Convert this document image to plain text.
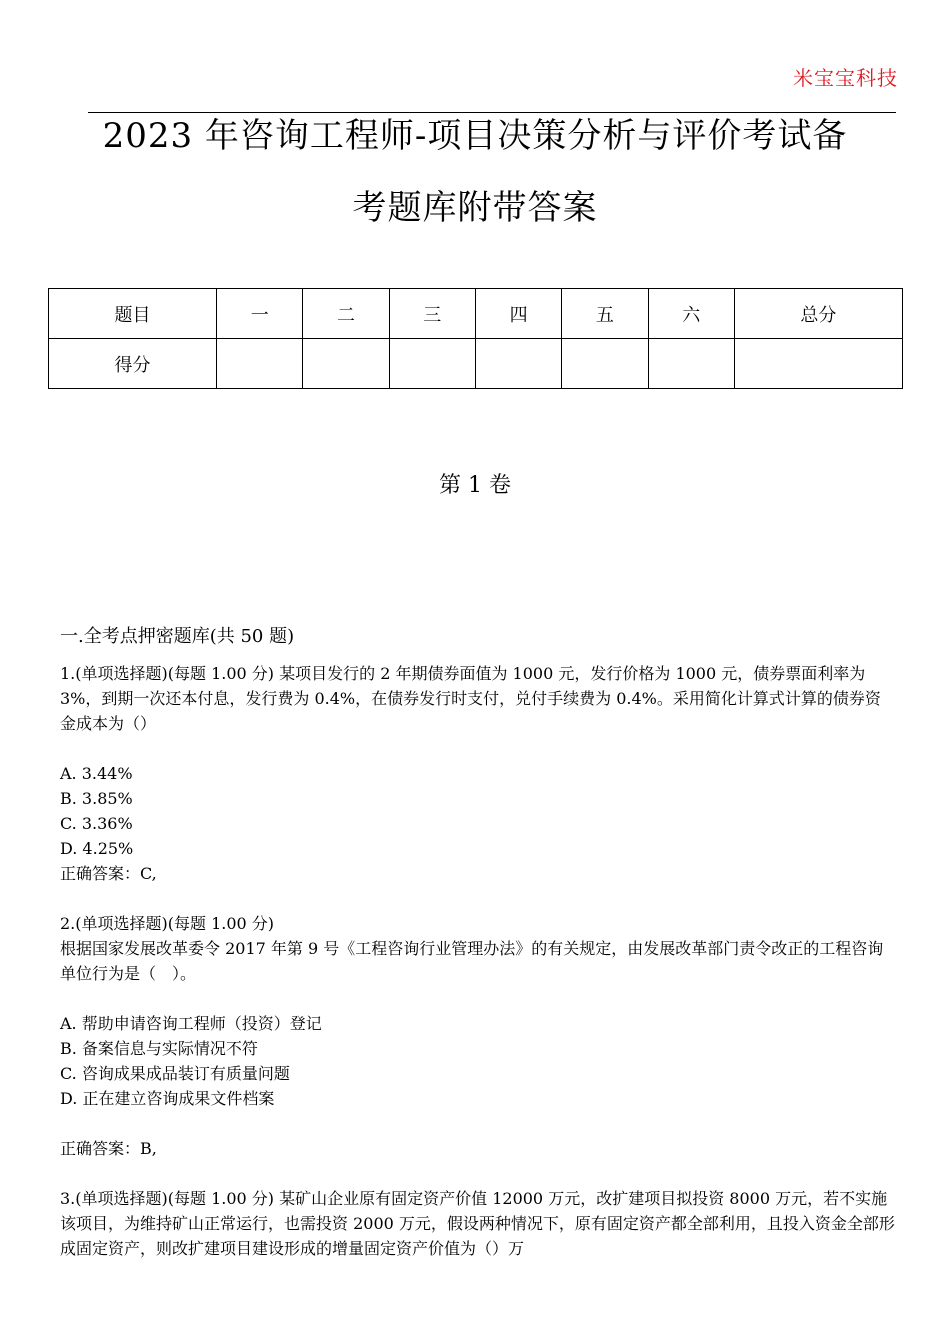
米宝宝科技
2023 年咨询工程师-项目决策分析与评价考试备
考题库附带答案
题目	一	二	三	四	五	六	总分
得分							
第 1 卷
一.全考点押密题库(共 50 题)

1.(单项选择题)(每题 1.00 分) 某项目发行的 2 年期债券面值为 1000 元，发行价格为 1000 元，债券票面利率为 3%，到期一次还本付息，发行费为 0.4%，在债券发行时支付，兑付手续费为 0.4%。采用简化计算式计算的债券资金成本为（）

A. 3.44%

B. 3.85%

C. 3.36%

D. 4.25%

正确答案：C,

2.(单项选择题)(每题 1.00 分)

根据国家发展改革委令 2017 年第 9 号《工程咨询行业管理办法》的有关规定，由发展改革部门责令改正的工程咨询单位行为是（　）。

A. 帮助申请咨询工程师（投资）登记

B. 备案信息与实际情况不符

C. 咨询成果成品装订有质量问题

D. 正在建立咨询成果文件档案

正确答案：B,

3.(单项选择题)(每题 1.00 分) 某矿山企业原有固定资产价值 12000 万元，改扩建项目拟投资 8000 万元，若不实施该项目，为维持矿山正常运行，也需投资 2000 万元，假设两种情况下，原有固定资产都全部利用，且投入资金全部形成固定资产，则改扩建项目建设形成的增量固定资产价值为（）万
